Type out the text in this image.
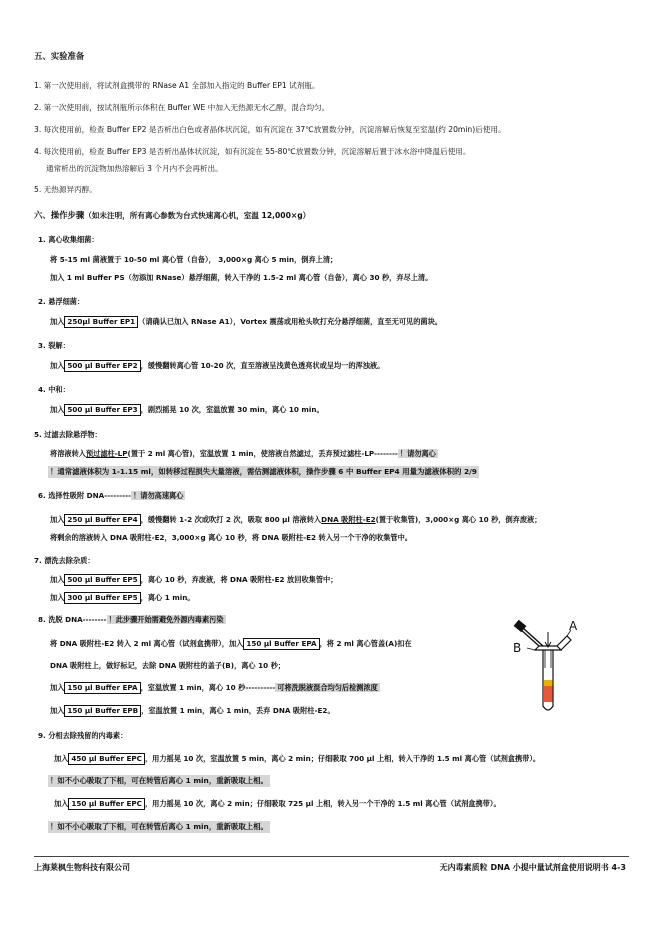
五、实验准备
1. 第一次使用前，将试剂盒携带的 RNase A1 全部加入指定的 Buffer EP1 试剂瓶。
2. 第一次使用前，按试剂瓶所示体积在 Buffer WE 中加入无热源无水乙醇，混合均匀。
3. 每次使用前，检查 Buffer EP2 是否析出白色或者晶体状沉淀，如有沉淀在 37℃放置数分钟，沉淀溶解后恢复至室温(约 20min)后使用。
4. 每次使用前，检查 Buffer EP3 是否析出晶体状沉淀，如有沉淀在 55-80℃放置数分钟，沉淀溶解后置于冰水浴中降温后使用。
通常析出的沉淀物加热溶解后 3 个月内不会再析出。
5. 无热源异丙醇。
六、操作步骤（如未注明，所有离心参数为台式快速离心机，室温 12,000×g）
1. 离心收集细菌：
将 5-15 ml 菌液置于 10-50 ml 离心管（自备）， 3,000×g 离心 5 min，倒弃上清；
加入 1 ml Buffer PS（勿添加 RNase）悬浮细菌，转入干净的 1.5-2 ml 离心管（自备），离心 30 秒，弃尽上清。
2. 悬浮细菌：
加入 250μl Buffer EP1 （请确认已加入 RNase A1），Vortex 震荡或用枪头吹打充分悬浮细菌，直至无可见的菌块。
3. 裂解：
加入 500 μl Buffer EP2 ，缓慢翻转离心管 10-20 次，直至溶液呈浅黄色透亮状或呈均一的浑浊液。
4. 中和：
加入 500 μl Buffer EP3 ，剧烈摇晃 10 次，室温放置 30 min，离心 10 min。
5. 过滤去除悬浮物：
将溶液转入预过滤柱-LP(置于 2 ml 离心管)，室温放置 1 min，使溶液自然滤过，丢弃预过滤柱-LP-------- ！请勿离心
！通常滤液体积为 1-1.15 ml，如转移过程损失大量溶液，需估测滤液体积，操作步骤 6 中 Buffer EP4 用量为滤液体积的 2/9
6. 选择性吸附 DNA--------- ！请勿高速离心
加入 250 μl Buffer EP4 ，缓慢翻转 1-2 次或吹打 2 次，吸取 800 μl 溶液转入DNA 吸附柱-E2(置于收集管)，3,000×g 离心 10 秒，倒弃废液；
将剩余的溶液转入 DNA 吸附柱-E2，3,000×g 离心 10 秒，将 DNA 吸附柱-E2 转入另一个干净的收集管中。
7. 漂洗去除杂质：
加入 500 μl Buffer EP5 ，离心 10 秒，弃废液，将 DNA 吸附柱-E2 放回收集管中；
加入 300 μl Buffer EP5 ，离心 1 min。
8. 洗脱 DNA-------- ！此步骤开始需避免外源内毒素污染
将 DNA 吸附柱-E2 转入 2 ml 离心管（试剂盒携带），加入 150 μl Buffer EPA ，将 2 ml 离心管盖(A)扣在
DNA 吸附柱上，做好标记，去除 DNA 吸附柱的盖子(B)，离心 10 秒；
加入 150 μl Buffer EPA ，室温放置 1 min，离心 10 秒---------- 可将洗脱液混合均匀后检测浓度
加入 150 μl Buffer EPB ，室温放置 1 min，离心 1 min，丢弃 DNA 吸附柱-E2。
A
B
9. 分相去除残留的内毒素：
加入 450 μl Buffer EPC ，用力摇晃 10 次，室温放置 5 min，离心 2 min；仔细吸取 700 μl 上相，转入干净的 1.5 ml 离心管（试剂盒携带）。
！如不小心吸取了下相，可在转管后离心 1 min，重新吸取上相。
加入 150 μl Buffer EPC ，用力摇晃 10 次，离心 2 min；仔细吸取 725 μl 上相，转入另一个干净的 1.5 ml 离心管（试剂盒携带）。
！如不小心吸取了下相，可在转管后离心 1 min，重新吸取上相。
上海莱枫生物科技有限公司	无内毒素质粒 DNA 小提中量试剂盒使用说明书 4-3
